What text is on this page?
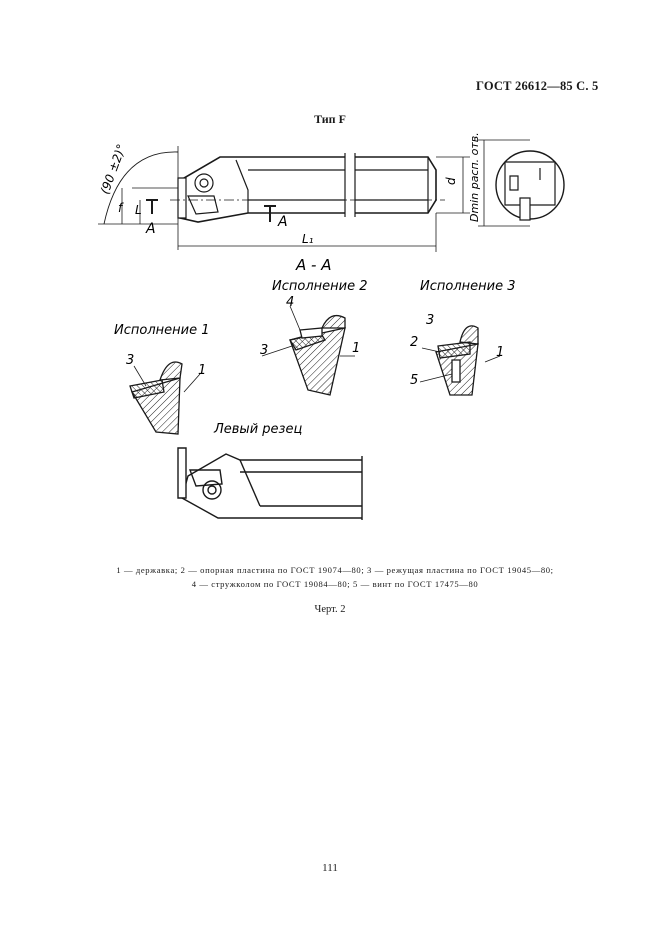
ГОСТ 26612—85 С. 5
Тип F
(90 ±2)°
f L
A	A
L₁
d Dmin расп. отв.
A - A
Исполнение 2
4
3	1
Исполнение 3
3
2
5
1
Исполнение 1
3
1
Левый резец
1 — державка; 2 — опорная пластина по ГОСТ 19074—80; 3 — режущая пластина по ГОСТ 19045—80;
4 — стружколом по ГОСТ 19084—80; 5 — винт по ГОСТ 17475—80
Черт. 2
111
